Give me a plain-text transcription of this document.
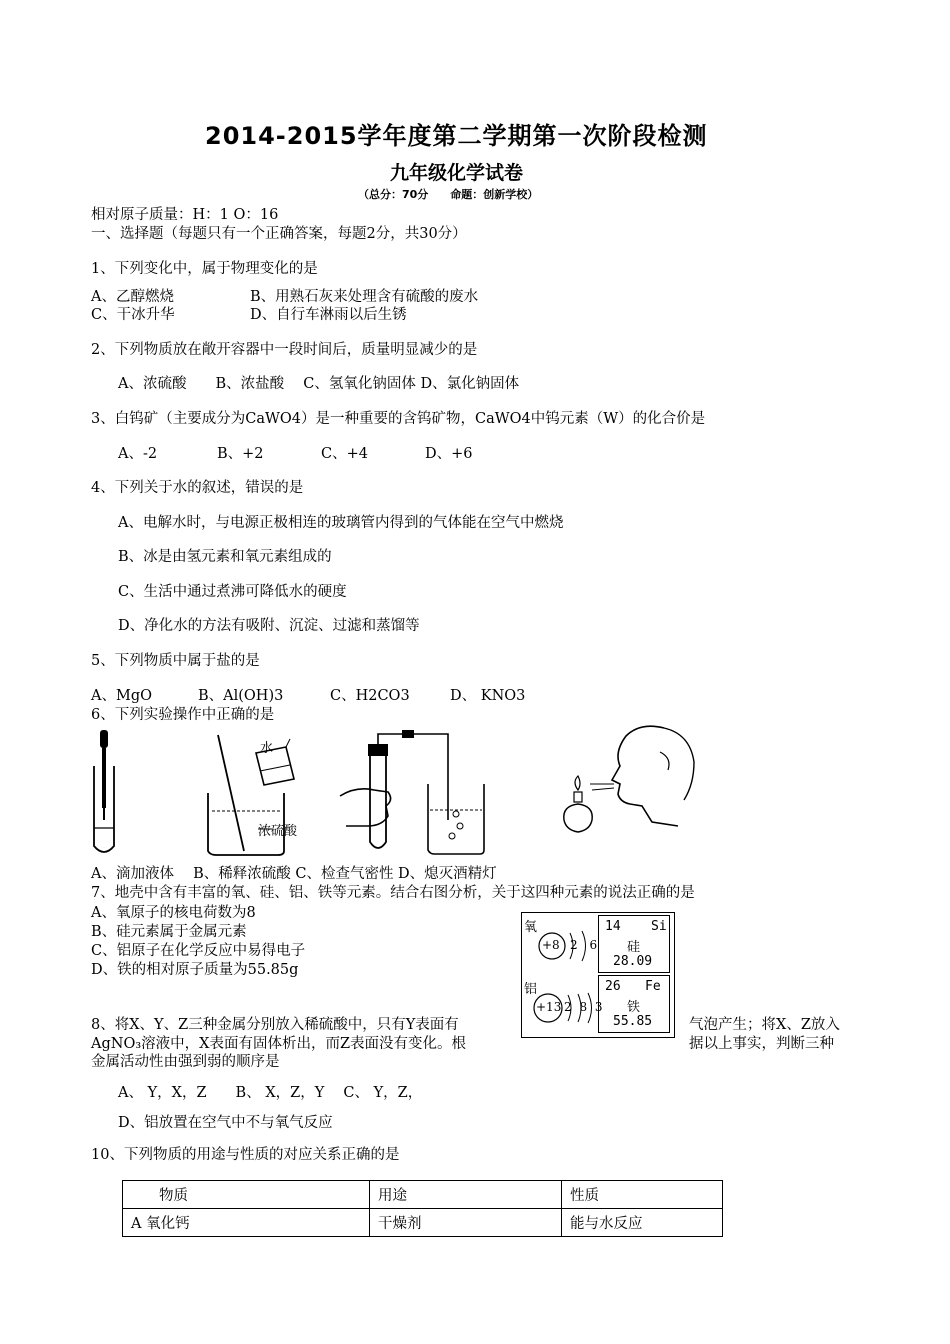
2014-2015学年度第二学期第一次阶段检测
九年级化学试卷
（总分：70分　　命题：创新学校）
相对原子质量：H：1 O：16
一、选择题（每题只有一个正确答案，每题2分，共30分）
1、下列变化中，属于物理变化的是
A、乙醇燃烧	B、用熟石灰来处理含有硫酸的废水
C、干冰升华	D、自行车淋雨以后生锈
2、下列物质放在敞开容器中一段时间后，质量明显减少的是
A、浓硫酸　　B、浓盐酸　 C、氢氧化钠固体 D、氯化钠固体
3、白钨矿（主要成分为CaWO4）是一种重要的含钨矿物，CaWO4中钨元素（W）的化合价是
A、-2	B、+2	C、+4	D、+6
4、下列关于水的叙述，错误的是
A、电解水时，与电源正极相连的玻璃管内得到的气体能在空气中燃烧
B、冰是由氢元素和氧元素组成的
C、生活中通过煮沸可降低水的硬度
D、净化水的方法有吸附、沉淀、过滤和蒸馏等
5、下列物质中属于盐的是
A、MgO	B、Al(OH)3	C、H2CO3	D、 KNO3
6、下列实验操作中正确的是
水
浓硫酸
A、滴加液体　 B、稀释浓硫酸 C、检查气密性 D、熄灭酒精灯
7、地壳中含有丰富的氧、硅、铝、铁等元素。结合右图分析，关于这四种元素的说法正确的是
A、氧原子的核电荷数为8
B、硅元素属于金属元素
C、铝原子在化学反应中易得电子
D、铁的相对原子质量为55.85g
氧
+8 2 6
铝
+13 2 8 3
14 Si
硅
28.09
26 Fe
铁
55.85
8、将X、Y、Z三种金属分别放入稀硫酸中，只有Y表面有	气泡产生；将X、Z放入
AgNO₃溶液中，X表面有固体析出，而Z表面没有变化。根	据以上事实，判断三种
金属活动性由强到弱的顺序是
A、 Y，X，Z　　B、 X，Z，Y　 C、 Y，Z，
D、铝放置在空气中不与氧气反应
10、下列物质的用途与性质的对应关系正确的是
物质	用途	性质
A 氧化钙	干燥剂	能与水反应
